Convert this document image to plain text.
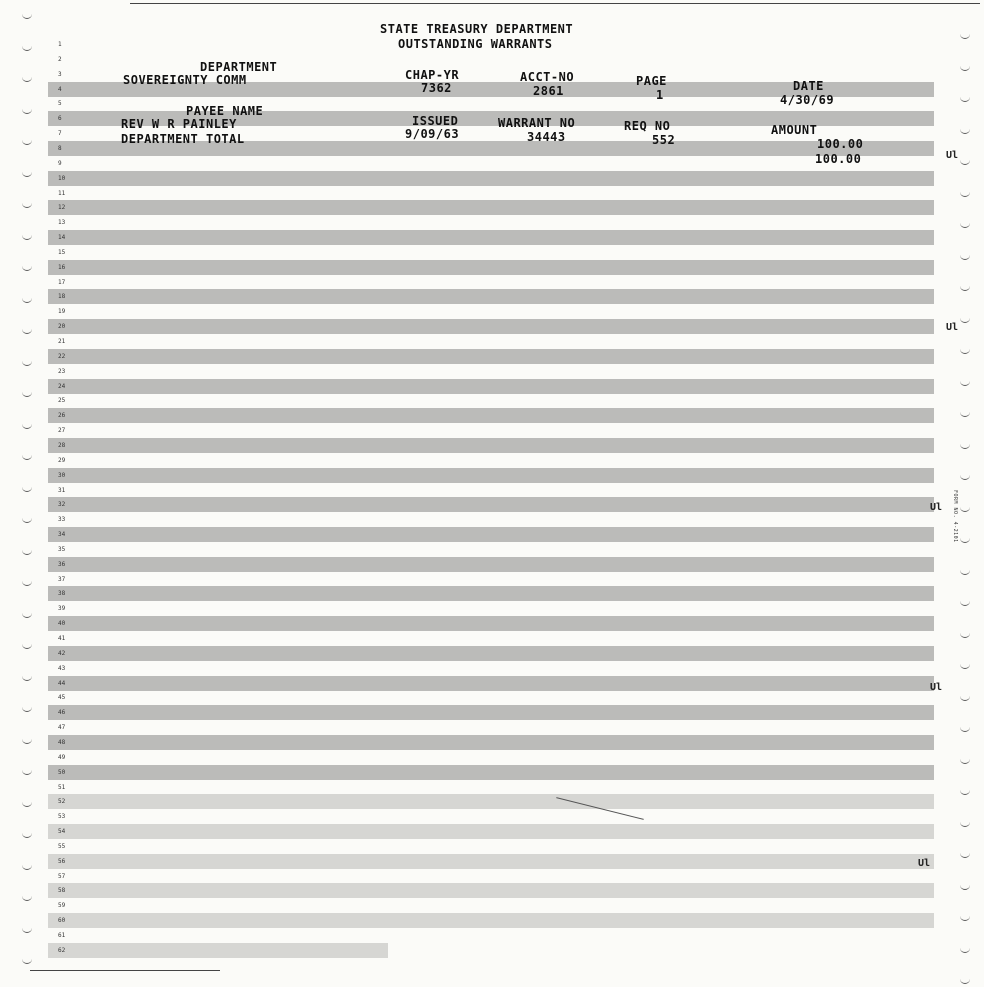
1
2
3
4
5
6
7
8
9
10
11
12
13
14
15
16
17
18
19
20
21
22
23
24
25
26
27
28
29
30
31
32
33
34
35
36
37
38
39
40
41
42
43
44
45
46
47
48
49
50
51
52
53
54
55
56
57
58
59
60
61
62
STATE TREASURY DEPARTMENT
OUTSTANDING WARRANTS
DEPARTMENT
SOVEREIGNTY COMM	CHAP-YR
7362
ACCT-NO
2861
PAGE
1
DATE
4/30/69
PAYEE NAME
REV W R PAINLEY
DEPARTMENT TOTAL
ISSUED
9/09/63
WARRANT NO
34443
REQ NO
552
AMOUNT
100.00
100.00	Ul
Ul
Ul
Ul
Ul
FORM NO. 4-2101
